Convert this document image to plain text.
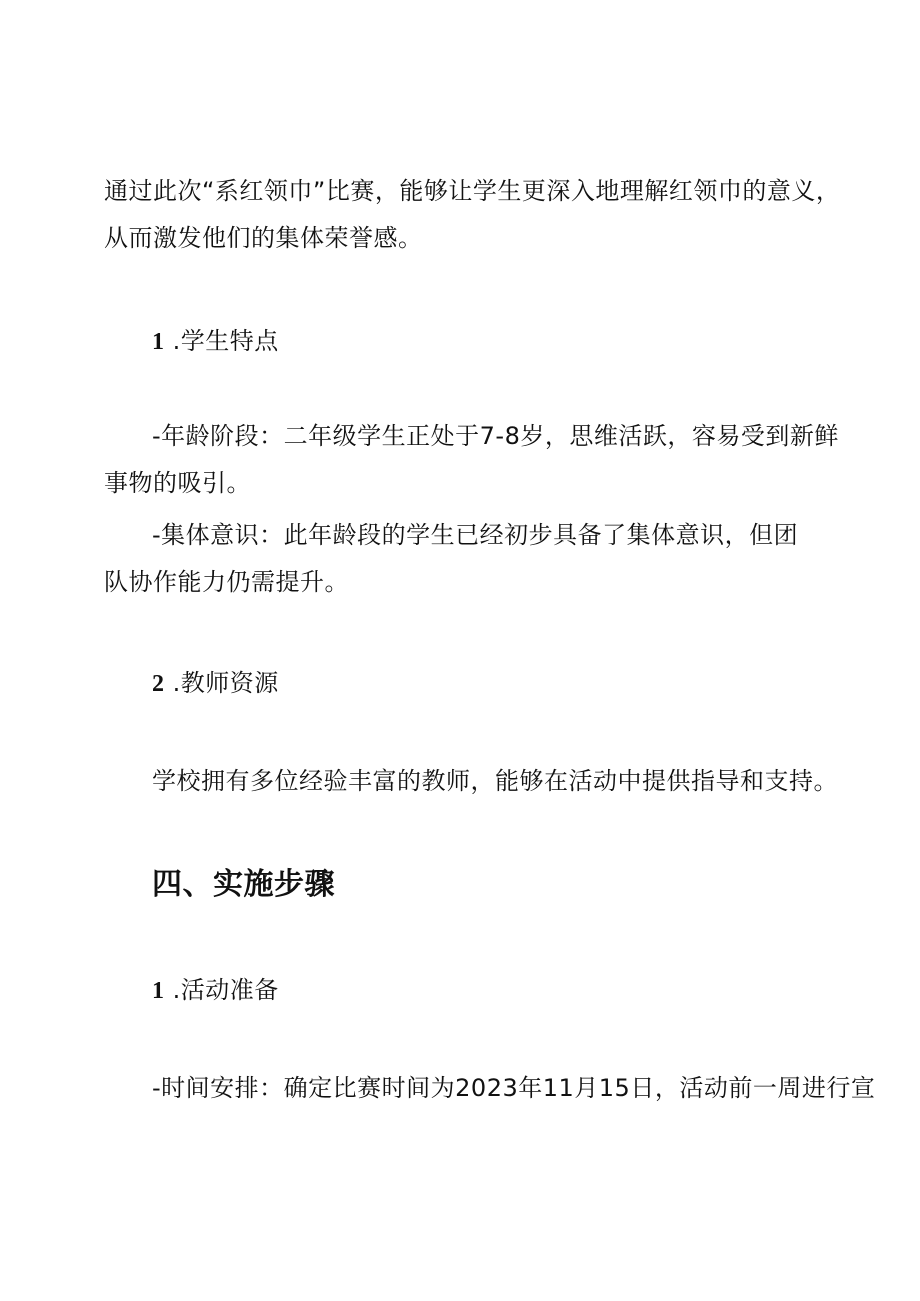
通过此次“系红领巾”比赛，能够让学生更深入地理解红领巾的意义，
从而激发他们的集体荣誉感。
1 .学生特点
-年龄阶段：二年级学生正处于7-8岁，思维活跃，容易受到新鲜
事物的吸引。
-集体意识：此年龄段的学生已经初步具备了集体意识，但团
队协作能力仍需提升。
2 .教师资源
学校拥有多位经验丰富的教师，能够在活动中提供指导和支持。
四、实施步骤
1 .活动准备
-时间安排：确定比赛时间为2023年11月15日，活动前一周进行宣
